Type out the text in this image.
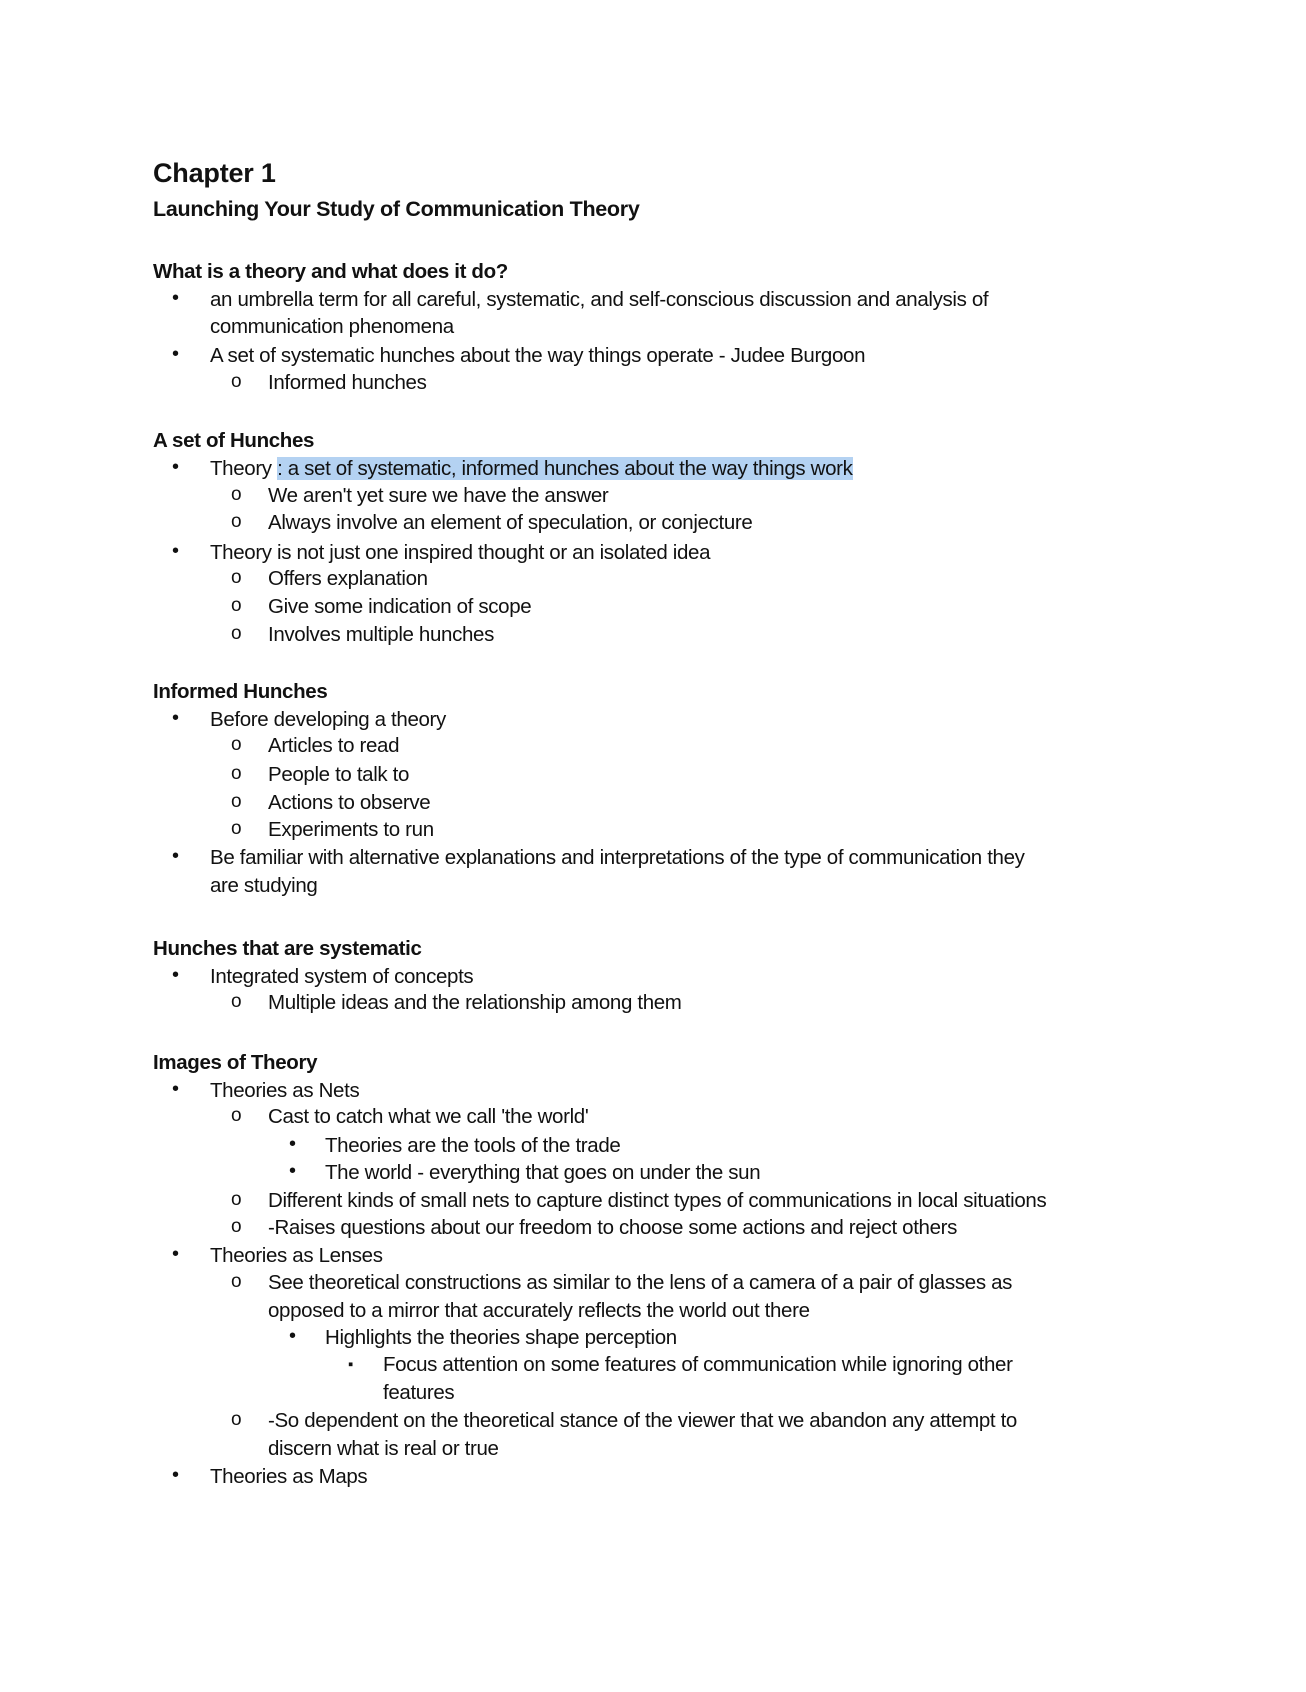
Chapter 1
Launching Your Study of Communication Theory
What is a theory and what does it do?
• an umbrella term for all careful, systematic, and self-conscious discussion and analysis of
communication phenomena
• A set of systematic hunches about the way things operate - Judee Burgoon
o Informed hunches
A set of Hunches
• Theory : a set of systematic, informed hunches about the way things work
o We aren't yet sure we have the answer
o Always involve an element of speculation, or conjecture
• Theory is not just one inspired thought or an isolated idea
o Offers explanation
o Give some indication of scope
o Involves multiple hunches
Informed Hunches
• Before developing a theory
o Articles to read
o People to talk to
o Actions to observe
o Experiments to run
• Be familiar with alternative explanations and interpretations of the type of communication they
are studying
Hunches that are systematic
• Integrated system of concepts
o Multiple ideas and the relationship among them
Images of Theory
• Theories as Nets
o Cast to catch what we call 'the world'
• Theories are the tools of the trade
• The world - everything that goes on under the sun
o Different kinds of small nets to capture distinct types of communications in local situations
o -Raises questions about our freedom to choose some actions and reject others
• Theories as Lenses
o See theoretical constructions as similar to the lens of a camera of a pair of glasses as
opposed to a mirror that accurately reflects the world out there
• Highlights the theories shape perception
▪ Focus attention on some features of communication while ignoring other
features
o -So dependent on the theoretical stance of the viewer that we abandon any attempt to
discern what is real or true
• Theories as Maps
